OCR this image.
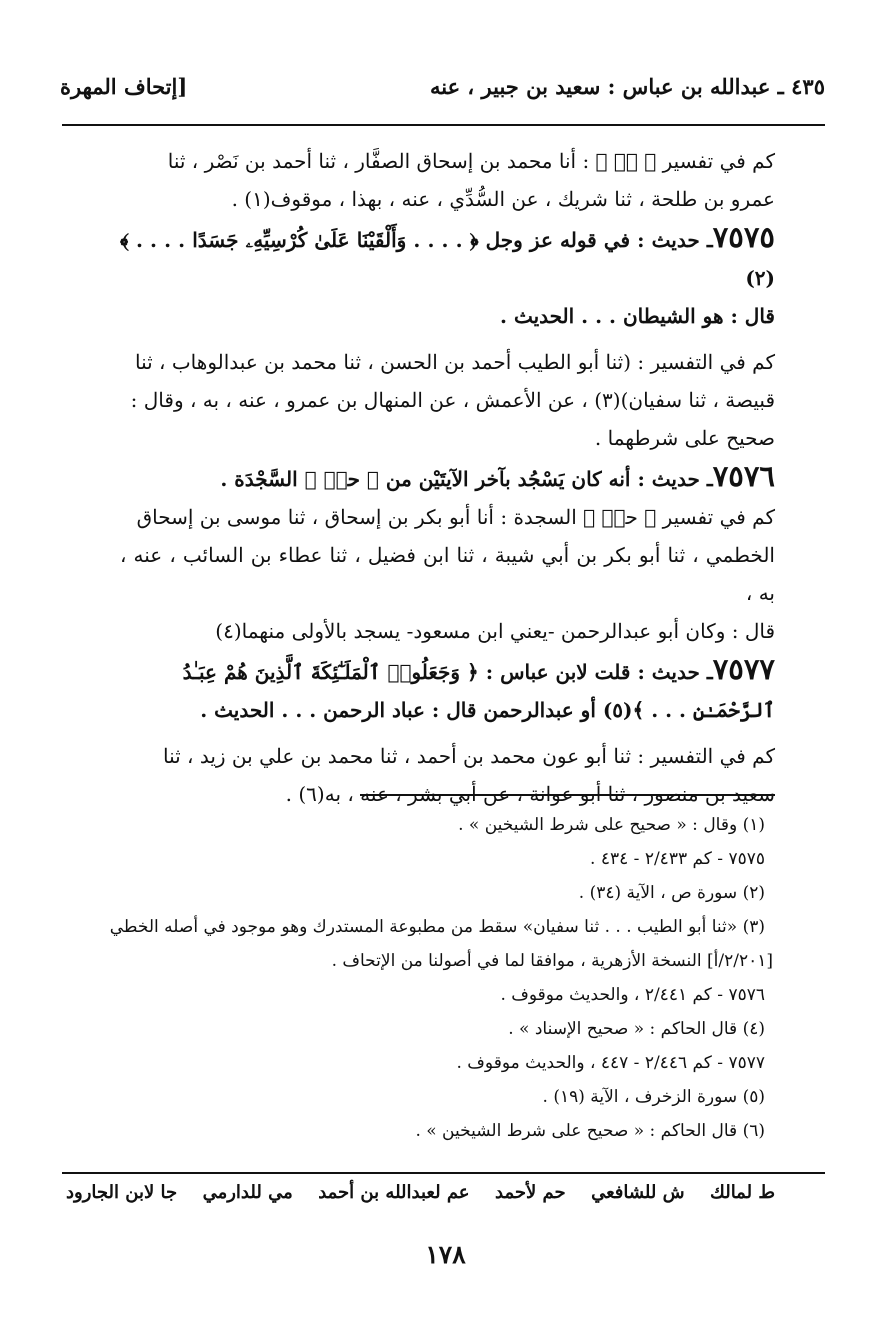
٤٣٥ ـ عبدالله بن عباس : سعيد بن جبير ، عنه
[إتحاف المهرة

كم في تفسير ﴿ صۤ ﴾ : أنا محمد بن إسحاق الصفَّار ، ثنا أحمد بن نَصْر ، ثنا

عمرو بن طلحة ، ثنا شريك ، عن السُّدِّي ، عنه ، بهذا ، موقوف(١) .

٧٥٧٥ـ حديث : في قوله عز وجل ﴿ . . . . وَأَلْقَيْنَا عَلَىٰ كُرْسِيِّهِۦ جَسَدًا . . . . ﴾(٢)

قال : هو الشيطان . . . الحديث .

كم في التفسير : (ثنا أبو الطيب أحمد بن الحسن ، ثنا محمد بن عبدالوهاب ، ثنا

قبيصة ، ثنا سفيان)(٣) ، عن الأعمش ، عن المنهال بن عمرو ، عنه ، به ، وقال :

صحيح على شرطهما .

٧٥٧٦ـ حديث : أنه كان يَسْجُد بآخر الآيتَيْن من ﴿ حمۤ ﴾ السَّجْدَة .

كم في تفسير ﴿ حمۤ ﴾ السجدة : أنا أبو بكر بن إسحاق ، ثنا موسى بن إسحاق

الخطمي ، ثنا أبو بكر بن أبي شيبة ، ثنا ابن فضيل ، ثنا عطاء بن السائب ، عنه ، به ،

قال : وكان أبو عبدالرحمن -يعني ابن مسعود- يسجد بالأولى منهما(٤)

٧٥٧٧ـ حديث : قلت لابن عباس : ﴿ وَجَعَلُوا۟ ٱلْمَلَـٰٓئِكَةَ ٱلَّذِينَ هُمْ عِبَـٰدُ

ٱلرَّحْمَـٰنِ . . . ﴾(٥) أو عبدالرحمن قال : عباد الرحمن . . . الحديث .

كم في التفسير : ثنا أبو عون محمد بن أحمد ، ثنا محمد بن علي بن زيد ، ثنا

سعيد بن منصور ، ثنا أبو عوانة ، عن أبي بشر ، عنه ، به(٦) .

(١) وقال : « صحيح على شرط الشيخين » .

٧٥٧٥ - كم ٢/٤٣٣ - ٤٣٤ .

(٢) سورة ص ، الآية (٣٤) .

(٣) «ثنا أبو الطيب . . . ثنا سفيان» سقط من مطبوعة المستدرك وهو موجود في أصله الخطي

[٢/٢٠١/أ] النسخة الأزهرية ، موافقا لما في أصولنا من الإتحاف .

٧٥٧٦ - كم ٢/٤٤١ ، والحديث موقوف .

(٤) قال الحاكم : « صحيح الإسناد » .

٧٥٧٧ - كم ٢/٤٤٦ - ٤٤٧ ، والحديث موقوف .

(٥) سورة الزخرف ، الآية (١٩) .

(٦) قال الحاكم : « صحيح على شرط الشيخين » .

ط لمالك
ش للشافعي
حم لأحمد
عم لعبدالله بن أحمد
مي للدارمي
جا لابن الجارود
١٧٨
